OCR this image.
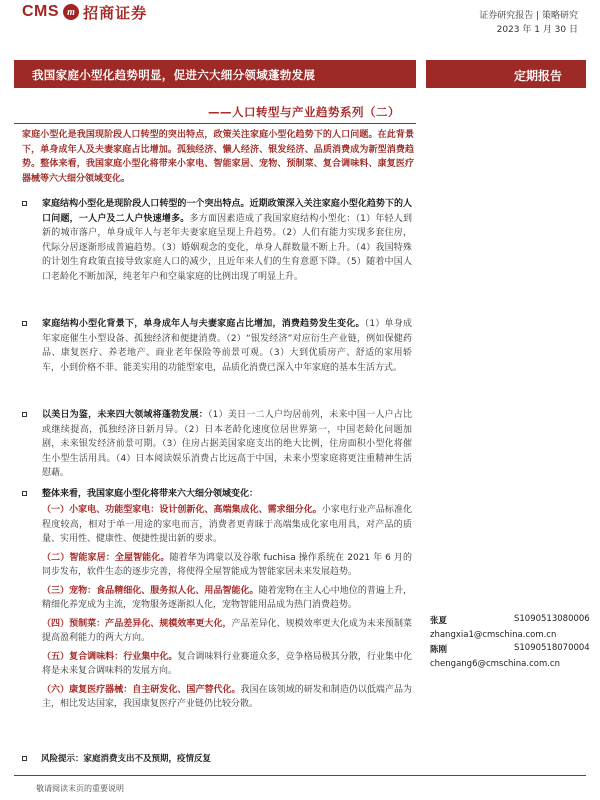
CMS m 招商证券	证券研究报告 | 策略研究
2023 年 1 月 30 日
我国家庭小型化趋势明显，促进六大细分领域蓬勃发展	定期报告
——人口转型与产业趋势系列（二）
家庭小型化是我国现阶段人口转型的突出特点，政策关注家庭小型化趋势下的人口问题。在此背景下，单身成年人及夫妻家庭占比增加。孤独经济、懒人经济、银发经济、品质消费成为新型消费趋势。整体来看，我国家庭小型化将带来小家电、智能家居、宠物、预制菜、复合调味料、康复医疗器械等六大细分领域变化。
家庭结构小型化是现阶段人口转型的一个突出特点。近期政策深入关注家庭小型化趋势下的人口问题，一人户及二人户快速增多。多方面因素造成了我国家庭结构小型化：（1）年轻人到新的城市落户，单身成年人与老年夫妻家庭呈现上升趋势。（2）人们有能力实现多套住房，代际分居逐渐形成普遍趋势。（3）婚姻观念的变化，单身人群数量不断上升。（4）我国特殊的计划生育政策直接导致家庭人口的减少，且近年来人们的生育意愿下降。（5）随着中国人口老龄化不断加深，纯老年户和空巢家庭的比例出现了明显上升。
家庭结构小型化背景下，单身成年人与夫妻家庭占比增加，消费趋势发生变化。（1）单身成年家庭催生小型设备、孤独经济和便捷消费。（2）“银发经济”对应衍生产业链，例如保健药品、康复医疗、养老地产、商业老年保险等前景可观。（3）大到优质房产、舒适的家用轿车，小到价格不菲、能美实用的功能型家电，品质化消费已深入中年家庭的基本生活方式。
以美日为鉴，未来四大领域将蓬勃发展：（1）美日一二人户均居前列，未来中国一人户占比或继续提高，孤独经济日新月异。（2）日本老龄化速度位居世界第一，中国老龄化问题加剧，未来银发经济前景可期。（3）住房占据美国家庭支出的绝大比例，住房面积小型化将催生小型生活用具。（4）日本阅读娱乐消费占比远高于中国，未来小型家庭将更注重精神生活慰藉。
整体来看，我国家庭小型化将带来六大细分领域变化：
（一）小家电、功能型家电：设计创新化、高端集成化、需求细分化。小家电行业产品标准化程度较高，相对于单一用途的家电而言，消费者更青睐于高端集成化家电用具，对产品的质量、实用性、健康性、便捷性提出新的要求。
（二）智能家居：全屋智能化。随着华为鸿蒙以及谷歌 fuchisa 操作系统在 2021 年 6 月的同步发布，软件生态的逐步完善，将使得全屋智能成为智能家居未来发展趋势。
（三）宠物：食品精细化、服务拟人化、用品智能化。随着宠物在主人心中地位的普遍上升，精细化养宠成为主流，宠物服务逐渐拟人化，宠物智能用品成为热门消费趋势。
（四）预制菜：产品差异化、规模效率更大化，产品差异化、规模效率更大化成为未来预制菜提高盈利能力的两大方向。
（五）复合调味料：行业集中化。复合调味料行业赛道众多，竞争格局极其分散，行业集中化将是未来复合调味料的发展方向。
（六）康复医疗器械：自主研发化、国产替代化。我国在该领域的研发和制造仍以低端产品为主，相比发达国家，我国康复医疗产业链仍比较分散。
风险提示：家庭消费支出不及预期，疫情反复
张夏	S1090513080006
zhangxia1@cmschina.com.cn
陈刚	S1090518070004
chengang6@cmschina.com.cn
敬请阅读末页的重要说明
